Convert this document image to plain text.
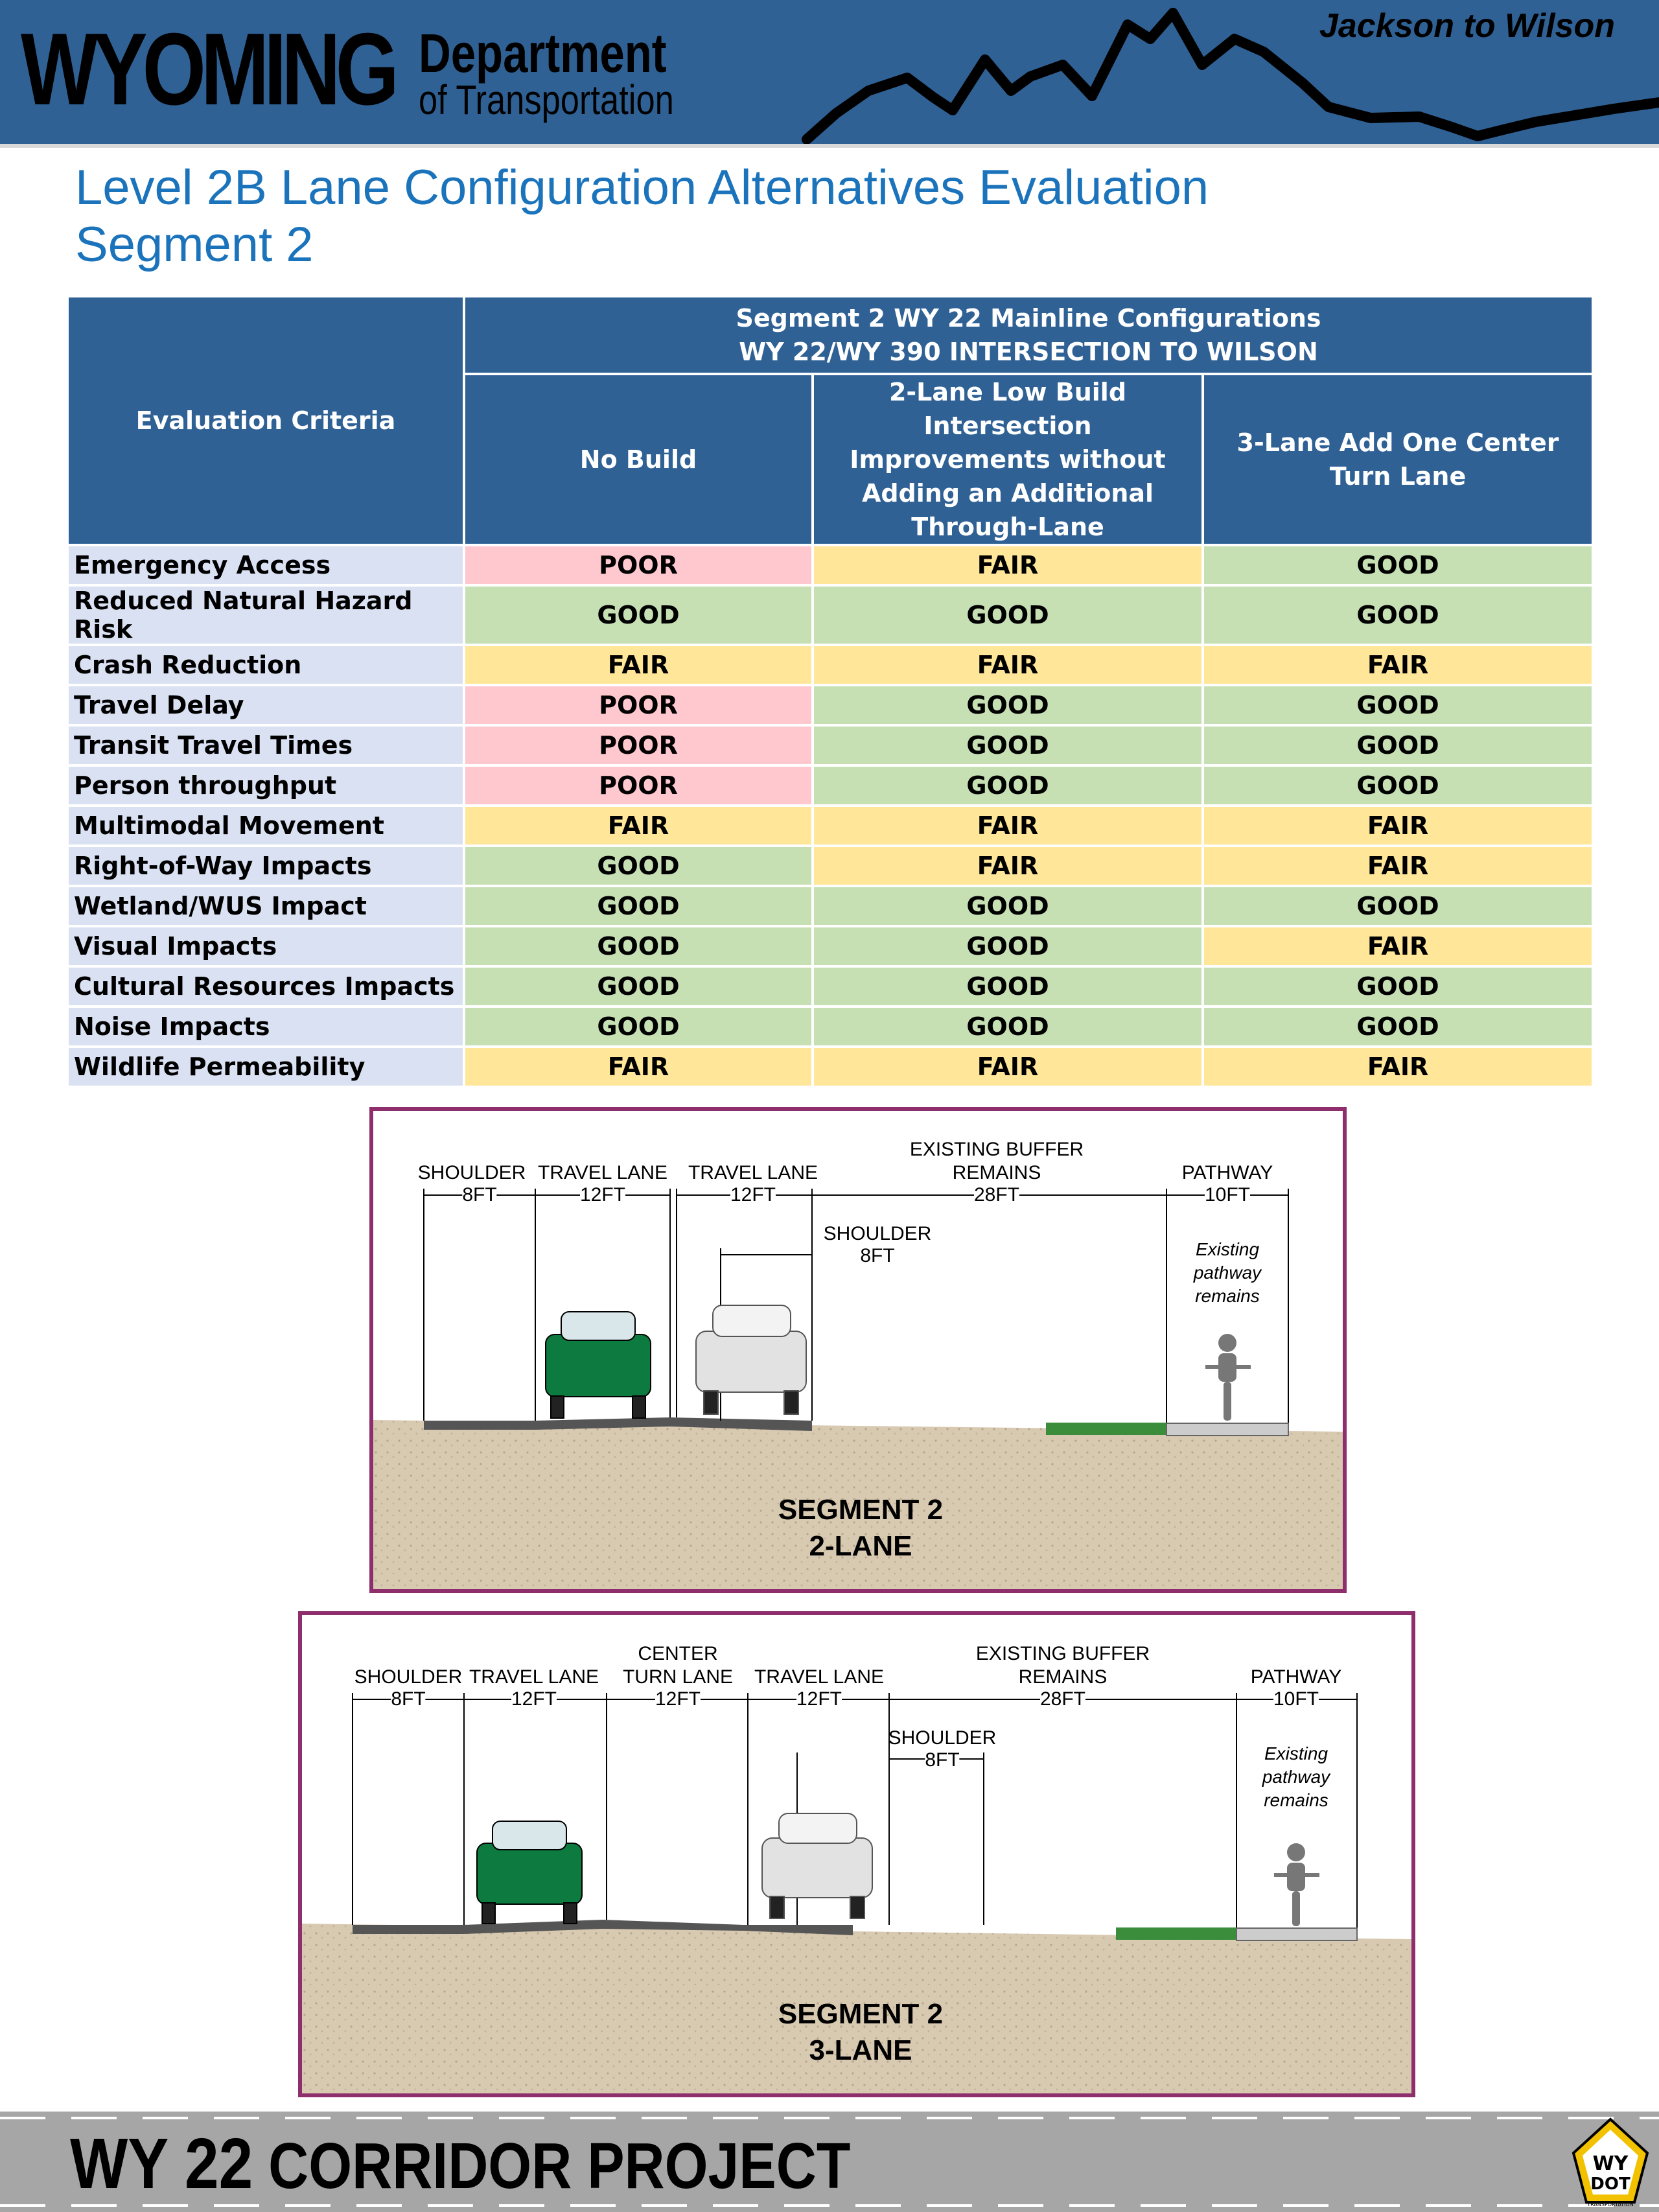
WYOMING Department
of Transportation
Jackson to Wilson
Level 2B Lane Configuration Alternatives Evaluation
Segment 2
Evaluation Criteria	Segment 2 WY 22 Mainline Configurations
WY 22/WY 390 INTERSECTION TO WILSON		

	No Build	2-Lane Low Build Intersection Improvements without Adding an Additional Through-Lane	3-Lane Add One Center Turn Lane
Emergency Access	POOR	FAIR	GOOD
Reduced Natural Hazard Risk	GOOD	GOOD	GOOD
Crash Reduction	FAIR	FAIR	FAIR
Travel Delay	POOR	GOOD	GOOD
Transit Travel Times	POOR	GOOD	GOOD
Person throughput	POOR	GOOD	GOOD
Multimodal Movement	FAIR	FAIR	FAIR
Right-of-Way Impacts	GOOD	FAIR	FAIR
Wetland/WUS Impact	GOOD	GOOD	GOOD
Visual Impacts	GOOD	GOOD	FAIR
Cultural Resources Impacts	GOOD	GOOD	GOOD
Noise Impacts	GOOD	GOOD	GOOD
Wildlife Permeability	FAIR	FAIR	FAIR
SHOULDER
8FT
TRAVEL LANE
12FT
TRAVEL LANE
12FT
EXISTING BUFFER
REMAINS
28FT
PATHWAY
10FT
SHOULDER
8FT	Existing
pathway
remains
SEGMENT 2
2-LANE
SHOULDER
8FT
TRAVEL LANE
12FT
CENTER
TURN LANE
12FT
TRAVEL LANE
12FT
EXISTING BUFFER
REMAINS
28FT
PATHWAY
10FT
SHOULDER
8FT	Existing
pathway
remains
SEGMENT 2
3-LANE
WY 22 CORRIDOR PROJECT	WY
DOT
TRANSPORTATION
